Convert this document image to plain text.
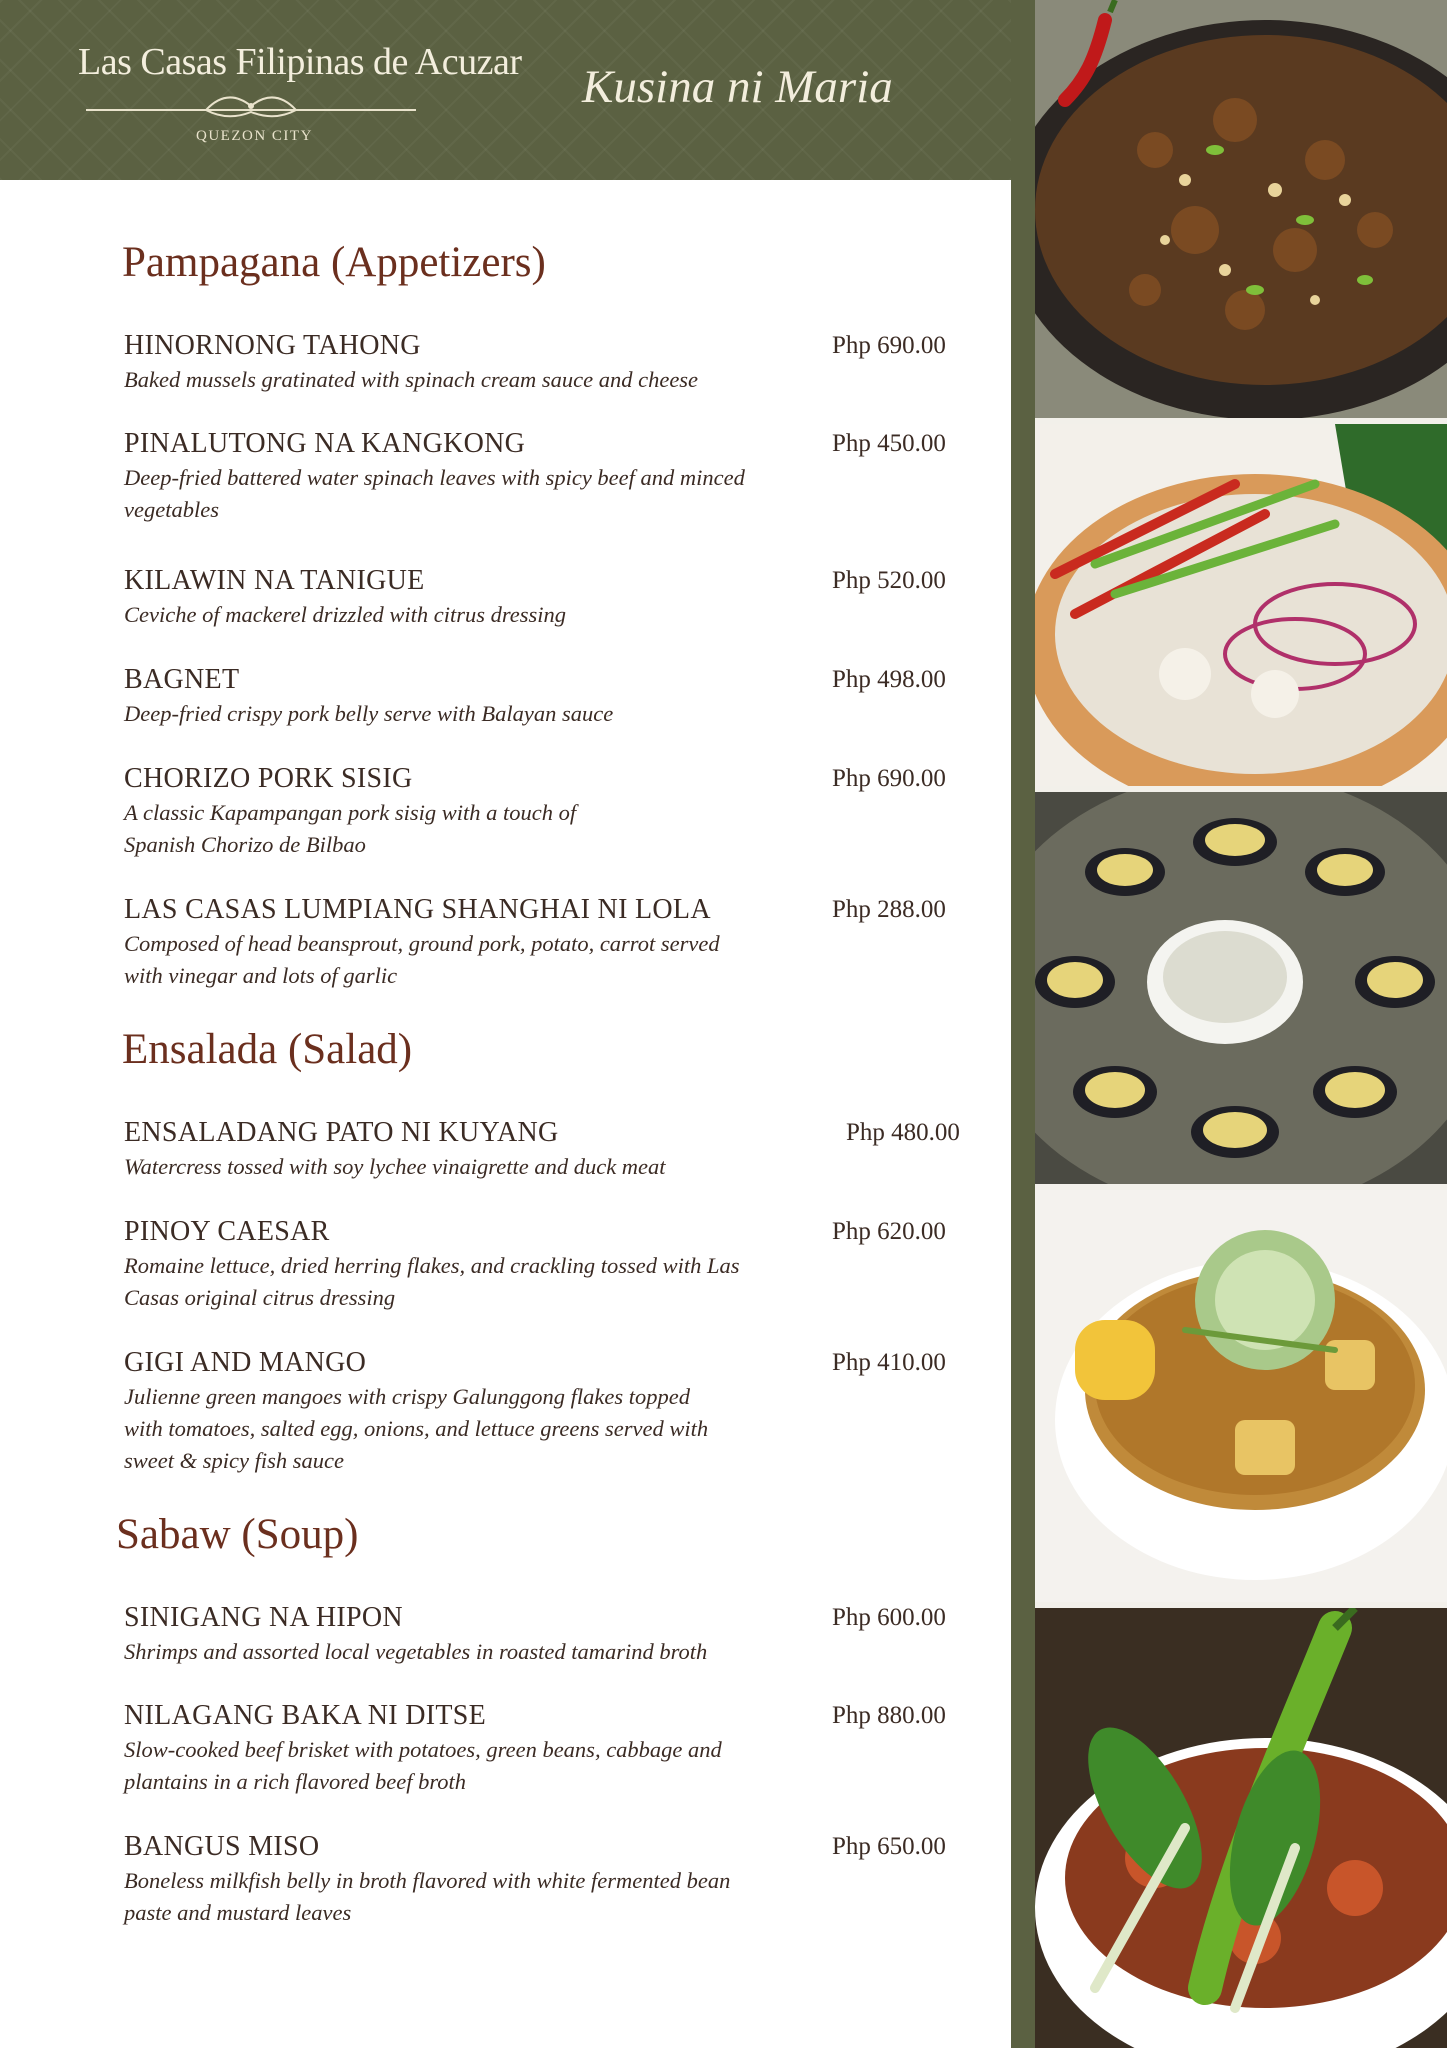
Las Casas Filipinas de Acuzar
QUEZON CITY
Kusina ni Maria
Pampagana (Appetizers)
HINORNONG TAHONG	Php 690.00
Baked mussels gratinated with spinach cream sauce and cheese
PINALUTONG NA KANGKONG	Php 450.00
Deep-fried battered water spinach leaves with spicy beef and minced vegetables
KILAWIN NA TANIGUE	Php 520.00
Ceviche of mackerel drizzled with citrus dressing
BAGNET	Php 498.00
Deep-fried crispy pork belly serve with Balayan sauce
CHORIZO PORK SISIG	Php 690.00
A classic Kapampangan pork sisig with a touch of Spanish Chorizo de Bilbao
LAS CASAS LUMPIANG SHANGHAI NI LOLA	Php 288.00
Composed of head beansprout, ground pork, potato, carrot served with vinegar and lots of garlic
Ensalada (Salad)
ENSALADANG PATO NI KUYANG	Php 480.00
Watercress tossed with soy lychee vinaigrette and duck meat
PINOY CAESAR	Php 620.00
Romaine lettuce, dried herring flakes, and crackling tossed with Las Casas original citrus dressing
GIGI AND MANGO	Php 410.00
Julienne green mangoes with crispy Galunggong flakes topped with tomatoes, salted egg, onions, and lettuce greens served with sweet & spicy fish sauce
Sabaw (Soup)
SINIGANG NA HIPON	Php 600.00
Shrimps and assorted local vegetables in roasted tamarind broth
NILAGANG BAKA NI DITSE	Php 880.00
Slow-cooked beef brisket with potatoes, green beans, cabbage and plantains in a rich flavored beef broth
BANGUS MISO	Php 650.00
Boneless milkfish belly in broth flavored with white fermented bean paste and mustard leaves
